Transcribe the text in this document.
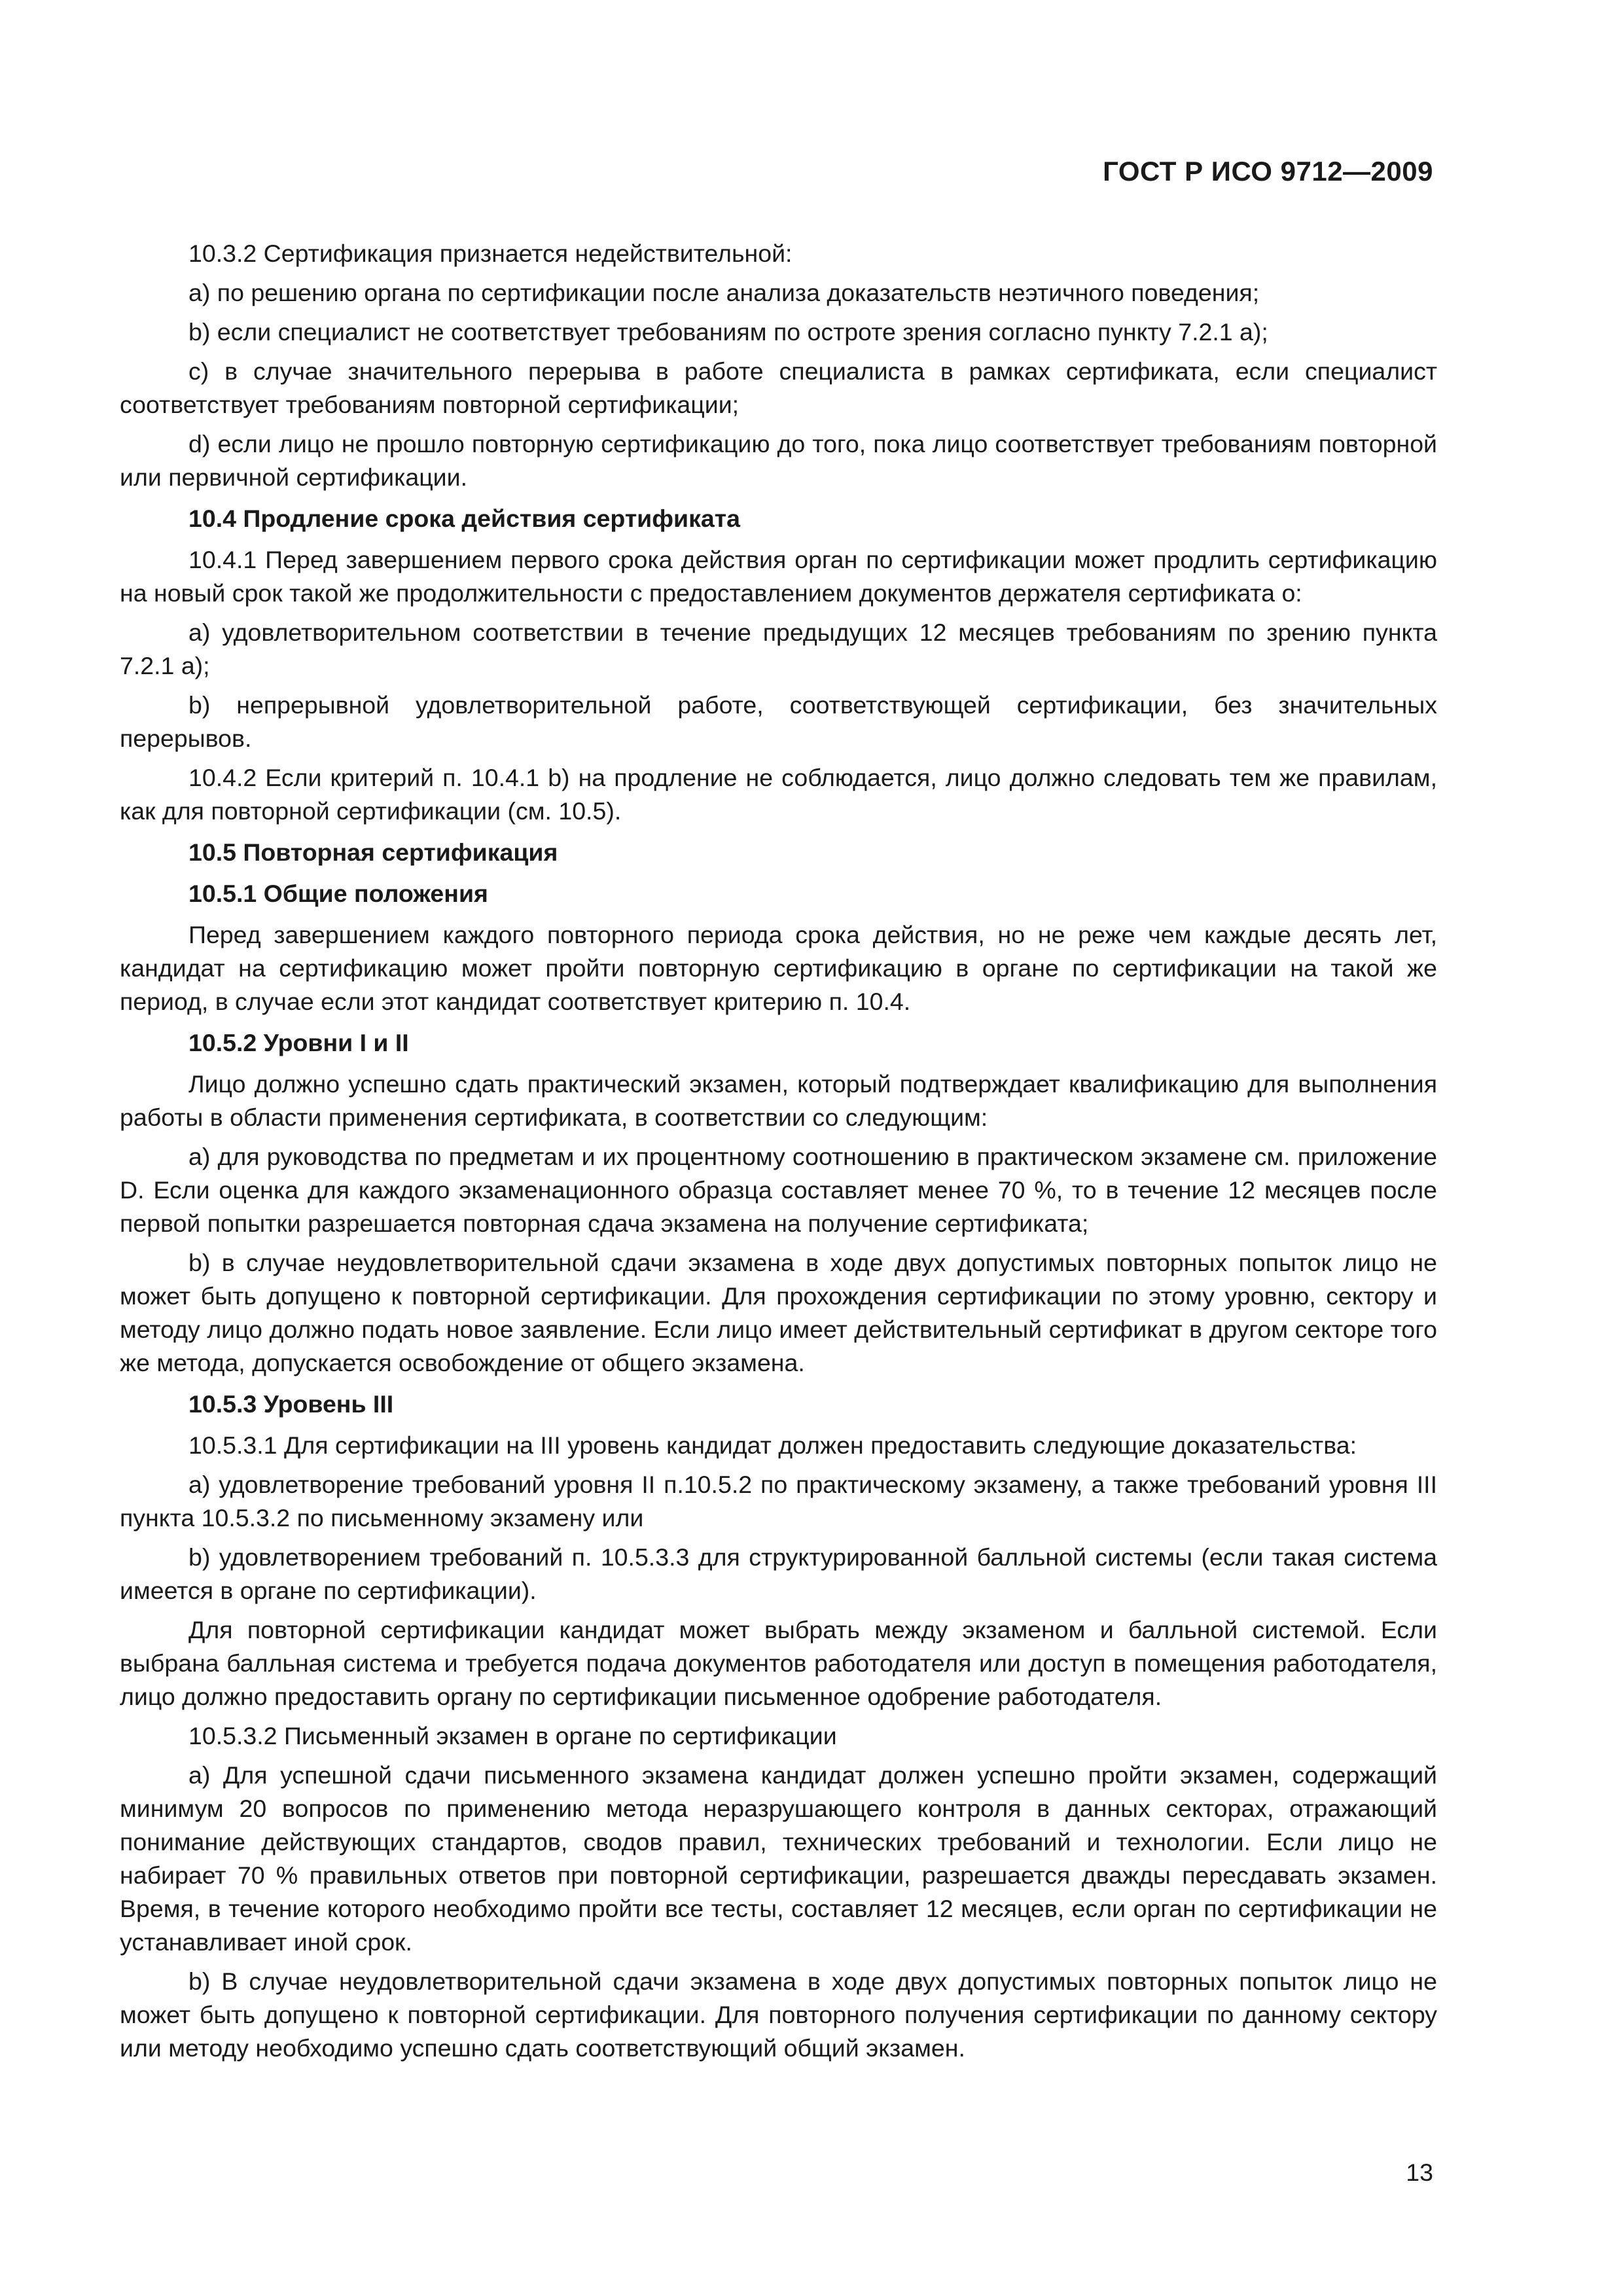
ГОСТ Р ИСО 9712—2009

10.3.2 Сертификация признается недействительной:

a) по решению органа по сертификации после анализа доказательств неэтичного поведения;

b) если специалист не соответствует требованиям по остроте зрения согласно пункту 7.2.1 а);

c) в случае значительного перерыва в работе специалиста в рамках сертификата, если специалист соответствует требованиям повторной сертификации;

d) если лицо не прошло повторную сертификацию до того, пока лицо соответствует требованиям повторной или первичной сертификации.

10.4 Продление срока действия сертификата

10.4.1 Перед завершением первого срока действия орган по сертификации может продлить сертификацию на новый срок такой же продолжительности с предоставлением документов держателя сертификата о:

a) удовлетворительном соответствии в течение предыдущих 12 месяцев требованиям по зрению пункта 7.2.1 а);

b) непрерывной удовлетворительной работе, соответствующей сертификации, без значительных перерывов.

10.4.2 Если критерий п. 10.4.1 b) на продление не соблюдается, лицо должно следовать тем же правилам, как для повторной сертификации (см. 10.5).

10.5 Повторная сертификация

10.5.1 Общие положения

Перед завершением каждого повторного периода срока действия, но не реже чем каждые десять лет, кандидат на сертификацию может пройти повторную сертификацию в органе по сертификации на такой же период, в случае если этот кандидат соответствует критерию п. 10.4.

10.5.2 Уровни I и II

Лицо должно успешно сдать практический экзамен, который подтверждает квалификацию для выполнения работы в области применения сертификата, в соответствии со следующим:

a) для руководства по предметам и их процентному соотношению в практическом экзамене см. приложение D. Если оценка для каждого экзаменационного образца составляет менее 70 %, то в течение 12 месяцев после первой попытки разрешается повторная сдача экзамена на получение сертификата;

b) в случае неудовлетворительной сдачи экзамена в ходе двух допустимых повторных попыток лицо не может быть допущено к повторной сертификации. Для прохождения сертификации по этому уровню, сектору и методу лицо должно подать новое заявление. Если лицо имеет действительный сертификат в другом секторе того же метода, допускается освобождение от общего экзамена.

10.5.3 Уровень III

10.5.3.1 Для сертификации на III уровень кандидат должен предоставить следующие доказательства:

a) удовлетворение требований уровня II п.10.5.2 по практическому экзамену, а также требований уровня III пункта 10.5.3.2 по письменному экзамену или

b) удовлетворением требований п. 10.5.3.3 для структурированной балльной системы (если такая система имеется в органе по сертификации).

Для повторной сертификации кандидат может выбрать между экзаменом и балльной системой. Если выбрана балльная система и требуется подача документов работодателя или доступ в помещения работодателя, лицо должно предоставить органу по сертификации письменное одобрение работодателя.

10.5.3.2 Письменный экзамен в органе по сертификации

a) Для успешной сдачи письменного экзамена кандидат должен успешно пройти экзамен, содержащий минимум 20 вопросов по применению метода неразрушающего контроля в данных секторах, отражающий понимание действующих стандартов, сводов правил, технических требований и технологии. Если лицо не набирает 70 % правильных ответов при повторной сертификации, разрешается дважды пересдавать экзамен. Время, в течение которого необходимо пройти все тесты, составляет 12 месяцев, если орган по сертификации не устанавливает иной срок.

b) В случае неудовлетворительной сдачи экзамена в ходе двух допустимых повторных попыток лицо не может быть допущено к повторной сертификации. Для повторного получения сертификации по данному сектору или методу необходимо успешно сдать соответствующий общий экзамен.

13
